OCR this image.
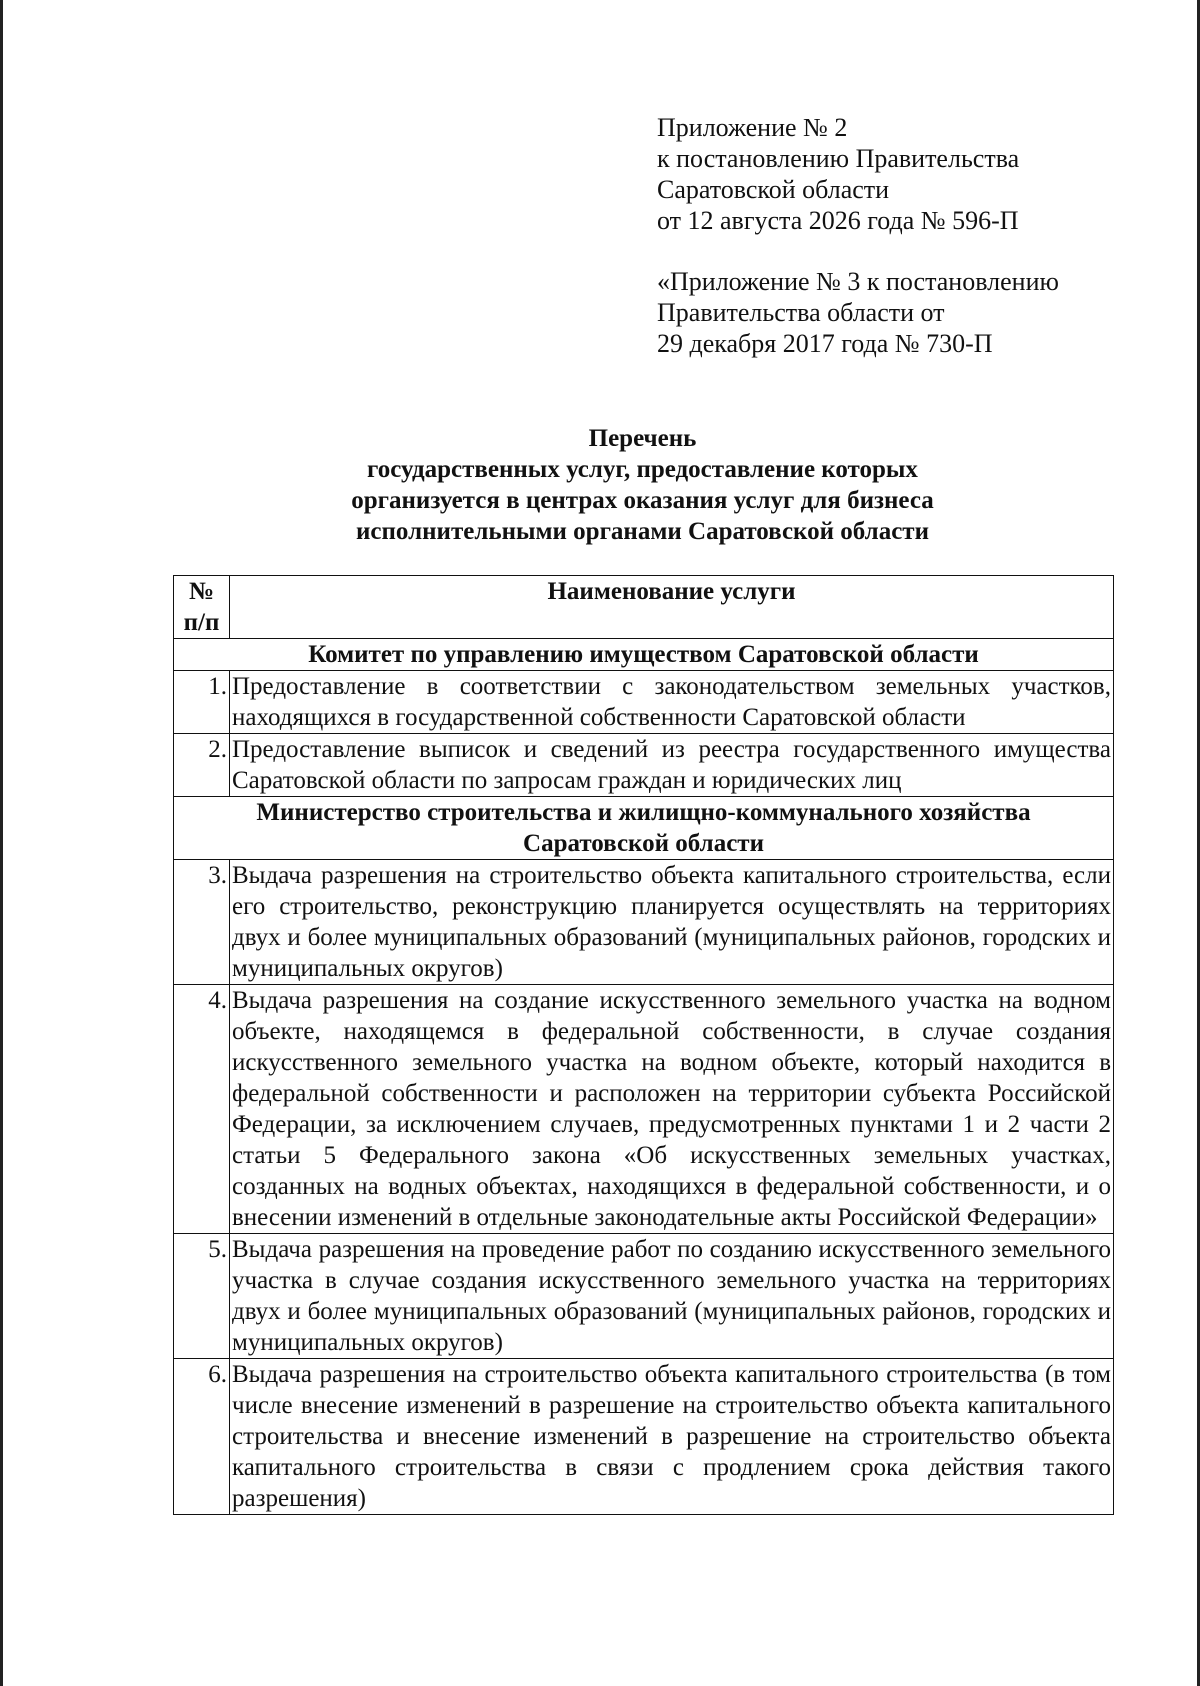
Приложение № 2
к постановлению Правительства
Саратовской области
от 12 августа 2026 года № 596-П
«Приложение № 3 к постановлению
Правительства области от
29 декабря 2017 года № 730-П
Перечень
государственных услуг, предоставление которых
организуется в центрах оказания услуг для бизнеса
исполнительными органами Саратовской области
№
п/п	Наименование услуги

Комитет по управлению имуществом Саратовской области	

1.	Предоставление в соответствии с законодательством земельных участков, находящихся в государственной собственности Саратовской области
2.	Предоставление выписок и сведений из реестра государственного имущества Саратовской области по запросам граждан и юридических лиц

Министерство строительства и жилищно-коммунального хозяйства
Саратовской области	

3.	Выдача разрешения на строительство объекта капитального строительства, если его строительство, реконструкцию планируется осуществлять на территориях двух и более муниципальных образований (муниципальных районов, городских и муниципальных округов)
4.	Выдача разрешения на создание искусственного земельного участка на водном объекте, находящемся в федеральной собственности, в случае создания искусственного земельного участка на водном объекте, который находится в федеральной собственности и расположен на территории субъекта Российской Федерации, за исключением случаев, предусмотренных пунктами 1 и 2 части 2 статьи 5 Федерального закона «Об искусственных земельных участках, созданных на водных объектах, находящихся в федеральной собственности, и о внесении изменений в отдельные законодательные акты Российской Федерации»
5.	Выдача разрешения на проведение работ по созданию искусственного земельного участка в случае создания искусственного земельного участка на территориях двух и более муниципальных образований (муниципальных районов, городских и муниципальных округов)
6.	Выдача разрешения на строительство объекта капитального строительства (в том числе внесение изменений в разрешение на строительство объекта капитального строительства и внесение изменений в разрешение на строительство объекта капитального строительства в связи с продлением срока действия такого разрешения)
